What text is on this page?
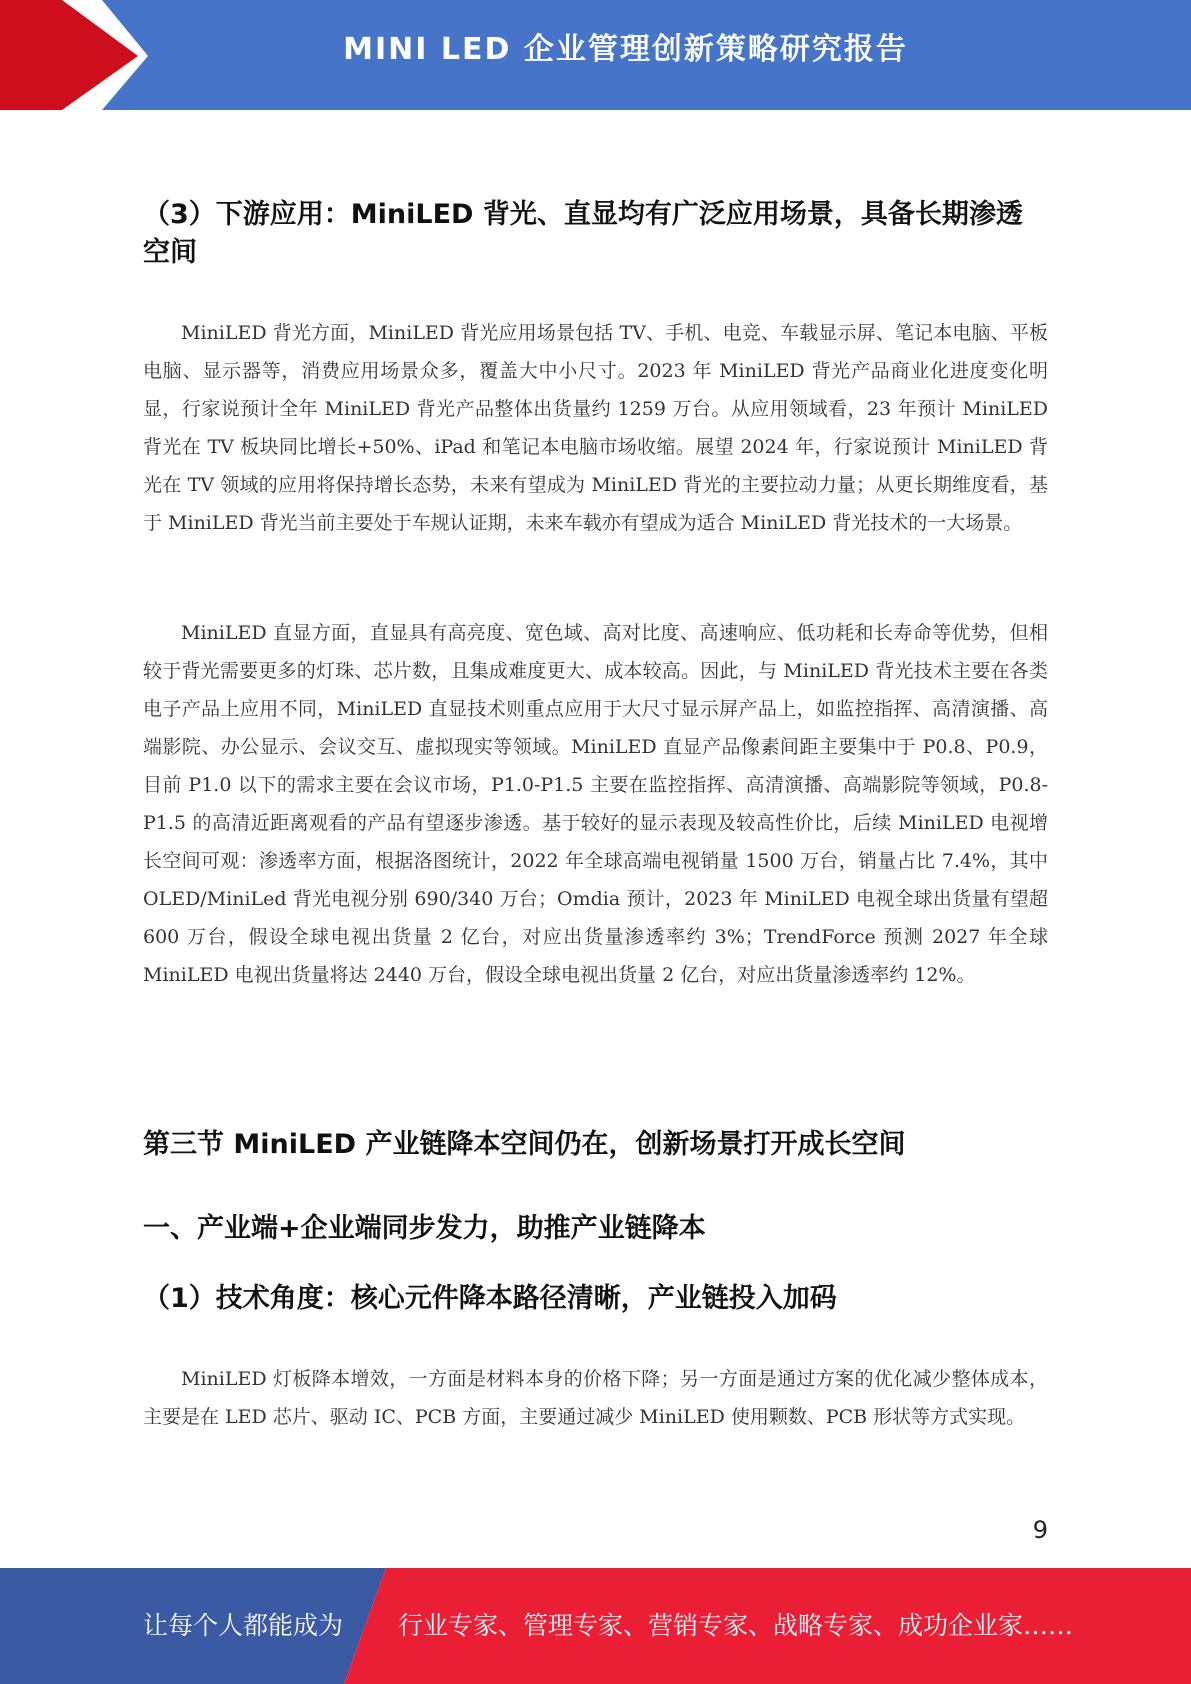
MINI LED 企业管理创新策略研究报告
（3）下游应用：MiniLED 背光、直显均有广泛应用场景，具备长期渗透空间

MiniLED 背光方面，MiniLED 背光应用场景包括 TV、手机、电竞、车载显示屏、笔记本电脑、平板电脑、显示器等，消费应用场景众多，覆盖大中小尺寸。2023 年 MiniLED 背光产品商业化进度变化明显，行家说预计全年 MiniLED 背光产品整体出货量约 1259 万台。从应用领域看，23 年预计 MiniLED 背光在 TV 板块同比增长+50%、iPad 和笔记本电脑市场收缩。展望 2024 年，行家说预计 MiniLED 背光在 TV 领域的应用将保持增长态势，未来有望成为 MiniLED 背光的主要拉动力量；从更长期维度看，基于 MiniLED 背光当前主要处于车规认证期，未来车载亦有望成为适合 MiniLED 背光技术的一大场景。

MiniLED 直显方面，直显具有高亮度、宽色域、高对比度、高速响应、低功耗和长寿命等优势，但相较于背光需要更多的灯珠、芯片数，且集成难度更大、成本较高。因此，与 MiniLED 背光技术主要在各类电子产品上应用不同，MiniLED 直显技术则重点应用于大尺寸显示屏产品上，如监控指挥、高清演播、高端影院、办公显示、会议交互、虚拟现实等领域。MiniLED 直显产品像素间距主要集中于 P0.8、P0.9，目前 P1.0 以下的需求主要在会议市场，P1.0-P1.5 主要在监控指挥、高清演播、高端影院等领域，P0.8-P1.5 的高清近距离观看的产品有望逐步渗透。基于较好的显示表现及较高性价比，后续 MiniLED 电视增长空间可观：渗透率方面，根据洛图统计，2022 年全球高端电视销量 1500 万台，销量占比 7.4%，其中 OLED/MiniLed 背光电视分别 690/340 万台；Omdia 预计，2023 年 MiniLED 电视全球出货量有望超 600 万台，假设全球电视出货量 2 亿台，对应出货量渗透率约 3%；TrendForce 预测 2027 年全球 MiniLED 电视出货量将达 2440 万台，假设全球电视出货量 2 亿台，对应出货量渗透率约 12%。

第三节 MiniLED 产业链降本空间仍在，创新场景打开成长空间
一、产业端+企业端同步发力，助推产业链降本
（1）技术角度：核心元件降本路径清晰，产业链投入加码

MiniLED 灯板降本增效，一方面是材料本身的价格下降；另一方面是通过方案的优化减少整体成本，主要是在 LED 芯片、驱动 IC、PCB 方面，主要通过减少 MiniLED 使用颗数、PCB 形状等方式实现。

9
让每个人都能成为 行业专家、管理专家、营销专家、战略专家、成功企业家……
